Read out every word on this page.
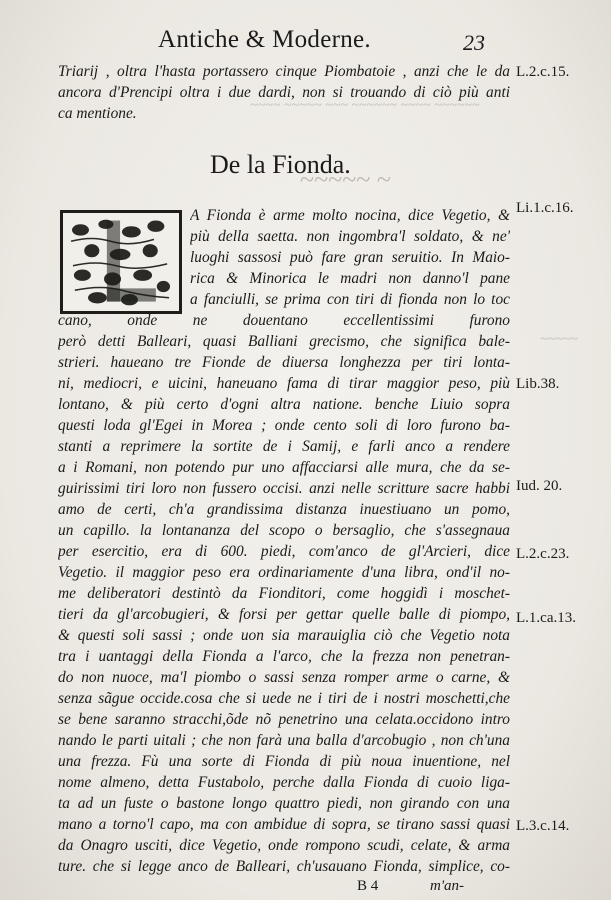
~~~~ ~~~~~ ~~~ ~~~~~~ ~~~~ ~~~~~~
~~~~~ ~
~~~~~
Antiche & Moderne.	23
Triarij , oltra l'hasta portassero cinque Piombatoie , anzi che le da
ancora d'Prencipi oltra i due dardi, non si trouando di ciò più anti
ca mentione.
De la Fionda.
A Fionda è arme molto nocina, dice Vegetio, &
più della saetta. non ingombra'l soldato, & ne'
luoghi sassosi può fare gran seruitio. In Maio-
rica & Minorica le madri non danno'l pane
a fanciulli, se prima con tiri di fionda non lo toc
cano, onde ne douentano eccellentissimi furono
però detti Balleari, quasi Balliani grecismo, che significa bale-
strieri. haueano tre Fionde de diuersa longhezza per tiri lonta-
ni, mediocri, e uicini, haneuano fama di tirar maggior peso, più
lontano, & più certo d'ogni altra natione. benche Liuio sopra
questi loda gl'Egei in Morea ; onde cento soli di loro furono ba-
stanti a reprimere la sortite de i Samij, e farli anco a rendere
a i Romani, non potendo pur uno affacciarsi alle mura, che da se-
guirissimi tiri loro non fussero occisi. anzi nelle scritture sacre habbi
amo de certi, ch'a grandissima distanza inuestiuano un pomo,
un capillo. la lontananza del scopo o bersaglio, che s'assegnaua
per esercitio, era di 600. piedi, com'anco de gl'Arcieri, dice
Vegetio. il maggior peso era ordinariamente d'una libra, ond'il no-
me deliberatori destintò da Fionditori, come hoggidì i moschet-
tieri da gl'arcobugieri, & forsi per gettar quelle balle di piompo,
& questi soli sassi ; onde uon sia marauiglia ciò che Vegetio nota
tra i uantaggi della Fionda a l'arco, che la frezza non penetran-
do non nuoce, ma'l piombo o sassi senza romper arme o carne, &
senza sãgue occide.cosa che si uede ne i tiri de i nostri moschetti,che
se bene saranno stracchi,õde nõ penetrino una celata.occidono intro
nando le parti uitali ; che non farà una balla d'arcobugio , non ch'una
una frezza. Fù una sorte di Fionda di più noua inuentione, nel
nome almeno, detta Fustabolo, perche dalla Fionda di cuoio liga-
ta ad un fuste o bastone longo quattro piedi, non girando con una
mano a torno'l capo, ma con ambidue di sopra, se tirano sassi quasi
da Onagro usciti, dice Vegetio, onde rompono scudi, celate, & arma
ture. che si legge anco de Balleari, ch'usauano Fionda, simplice, co-
L.2.c.15.
Li.1.c.16.
Lib.38.
Iud. 20.
L.2.c.23.
L.1.ca.13.
L.3.c.14.
B 4	m'an-
